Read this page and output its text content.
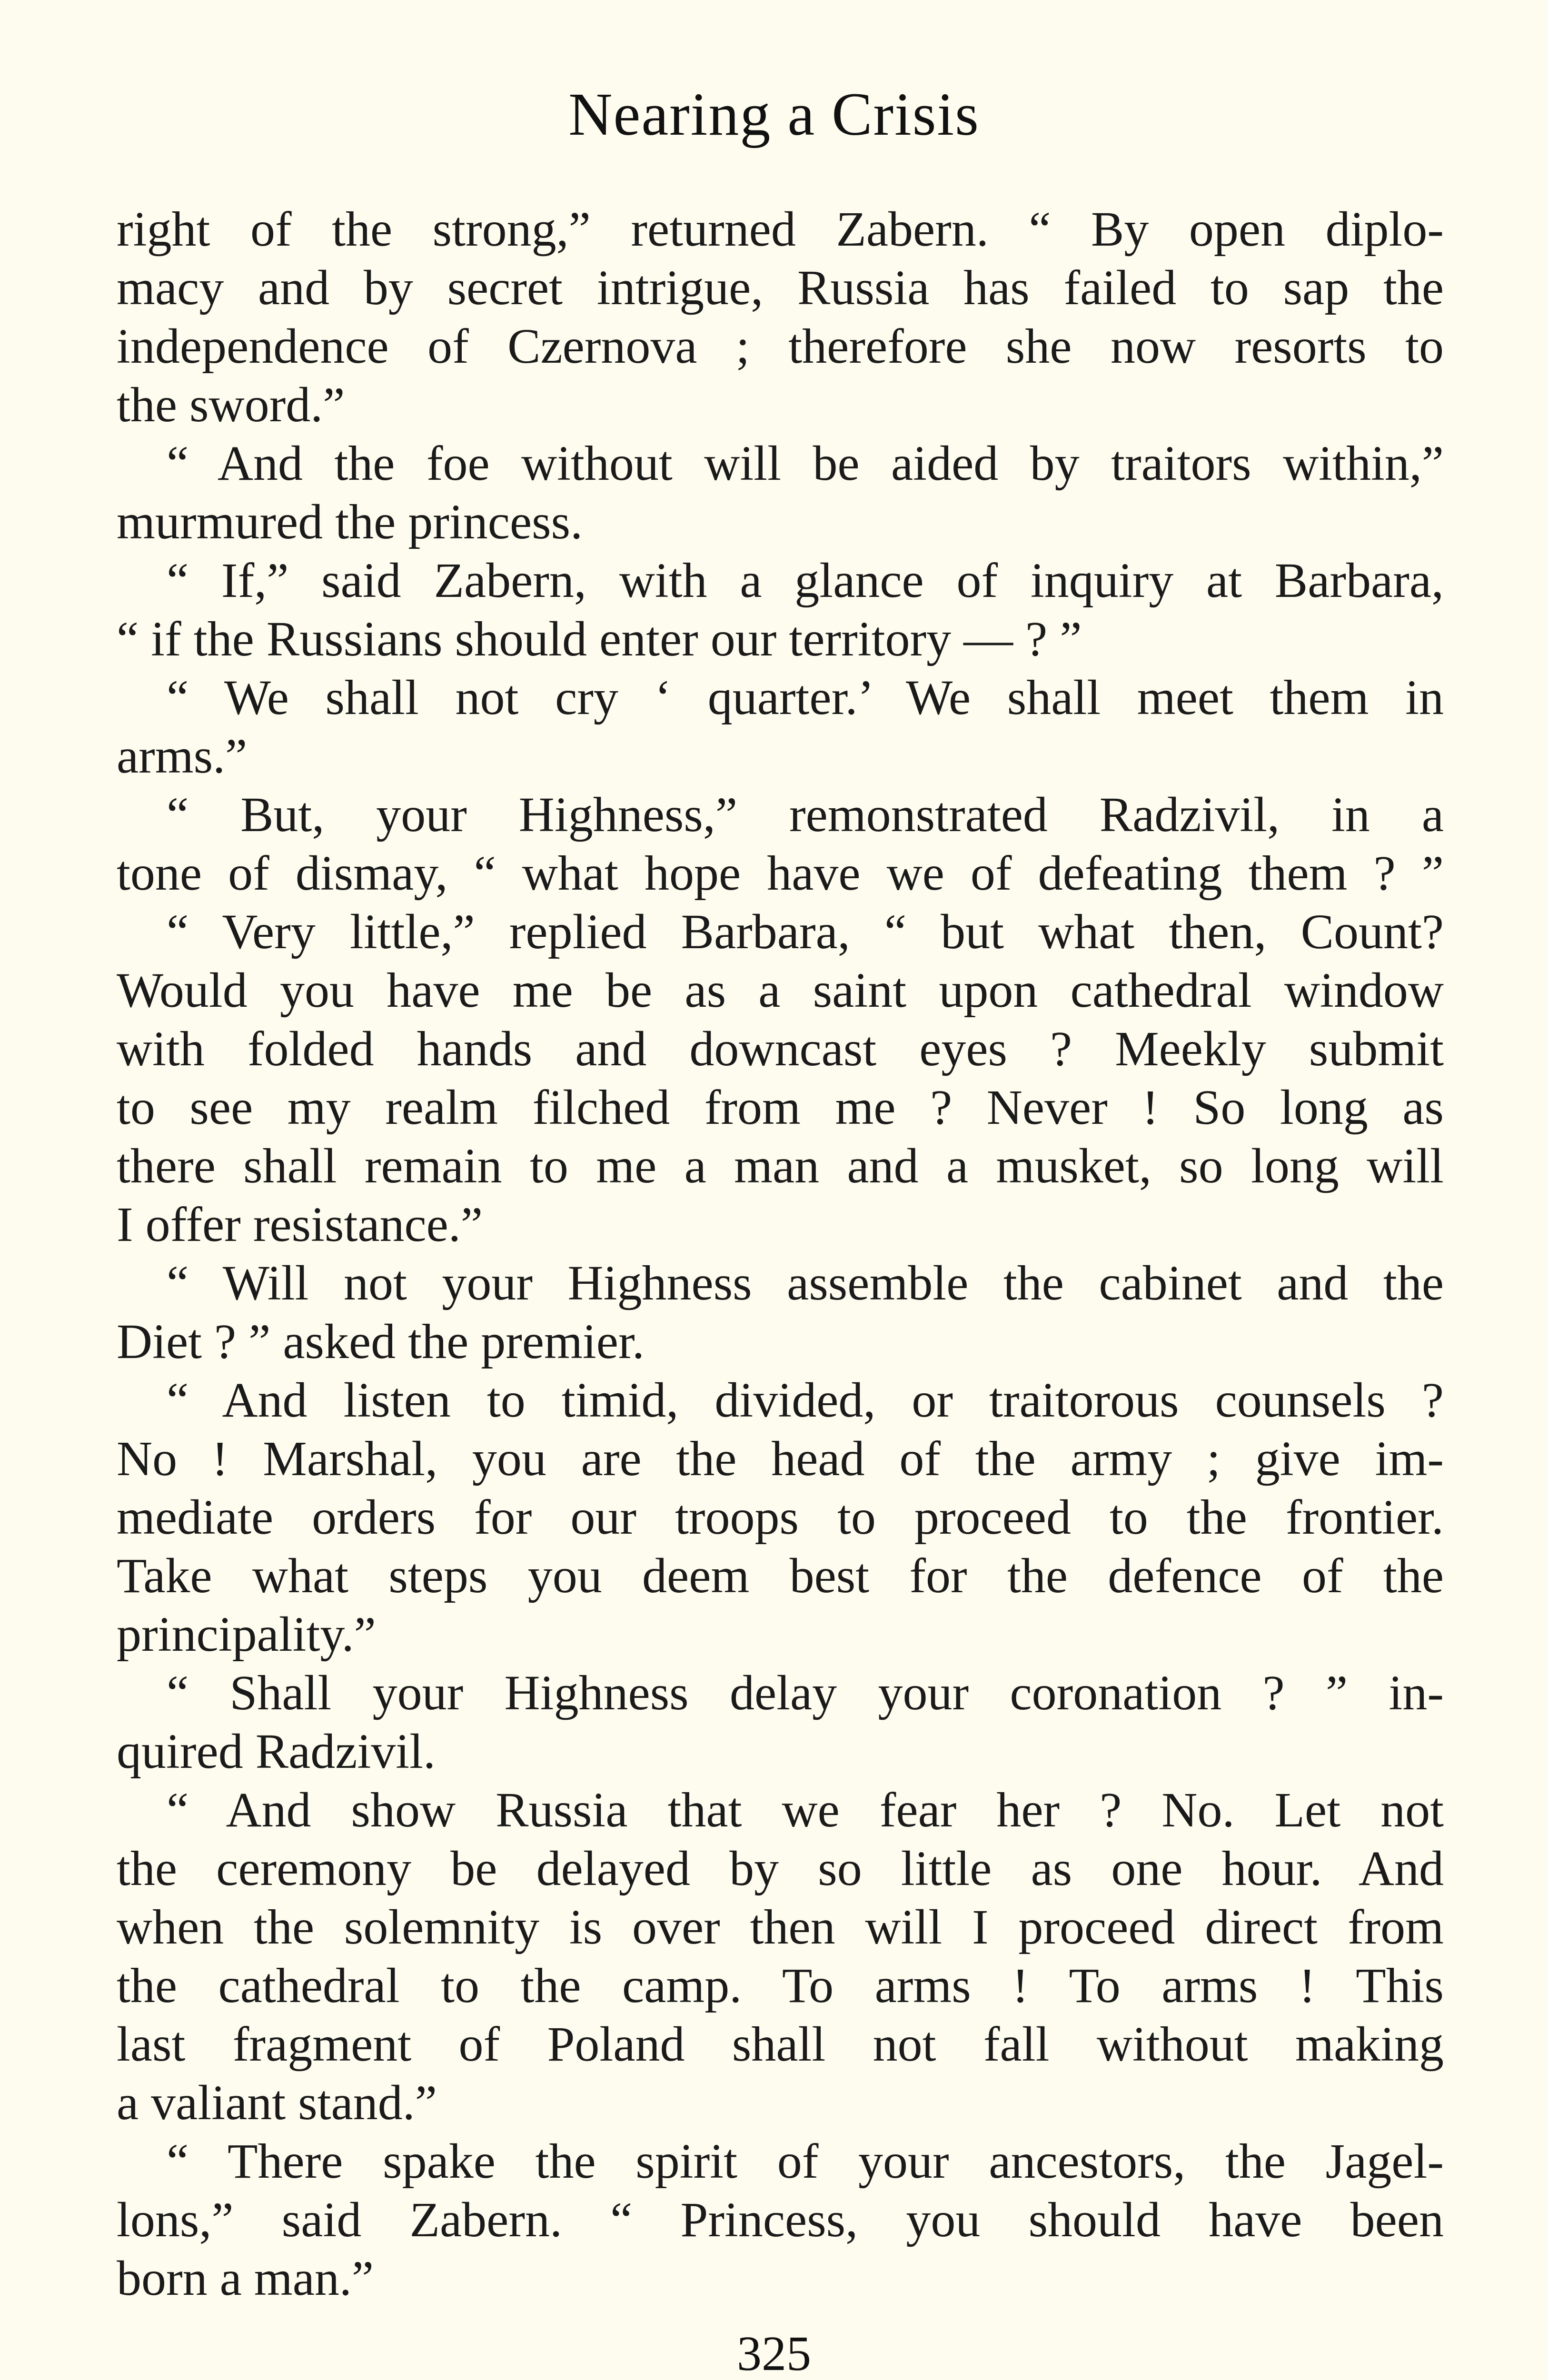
Nearing a Crisis
right of the strong,” returned Zabern. “ By open diplo-
macy and by secret intrigue, Russia has failed to sap the
independence of Czernova ; therefore she now resorts to
the sword.”
“ And the foe without will be aided by traitors within,”
murmured the princess.
“ If,” said Zabern, with a glance of inquiry at Barbara,
“ if the Russians should enter our territory — ? ”
“ We shall not cry ‘ quarter.’ We shall meet them in
arms.”
“ But, your Highness,” remonstrated Radzivil, in a
tone of dismay, “ what hope have we of defeating them ? ”
“ Very little,” replied Barbara, “ but what then, Count?
Would you have me be as a saint upon cathedral window
with folded hands and downcast eyes ? Meekly submit
to see my realm filched from me ? Never ! So long as
there shall remain to me a man and a musket, so long will
I offer resistance.”
“ Will not your Highness assemble the cabinet and the
Diet ? ” asked the premier.
“ And listen to timid, divided, or traitorous counsels ?
No ! Marshal, you are the head of the army ; give im-
mediate orders for our troops to proceed to the frontier.
Take what steps you deem best for the defence of the
principality.”
“ Shall your Highness delay your coronation ? ” in-
quired Radzivil.
“ And show Russia that we fear her ? No. Let not
the ceremony be delayed by so little as one hour. And
when the solemnity is over then will I proceed direct from
the cathedral to the camp. To arms ! To arms ! This
last fragment of Poland shall not fall without making
a valiant stand.”
“ There spake the spirit of your ancestors, the Jagel-
lons,” said Zabern. “ Princess, you should have been
born a man.”
325
